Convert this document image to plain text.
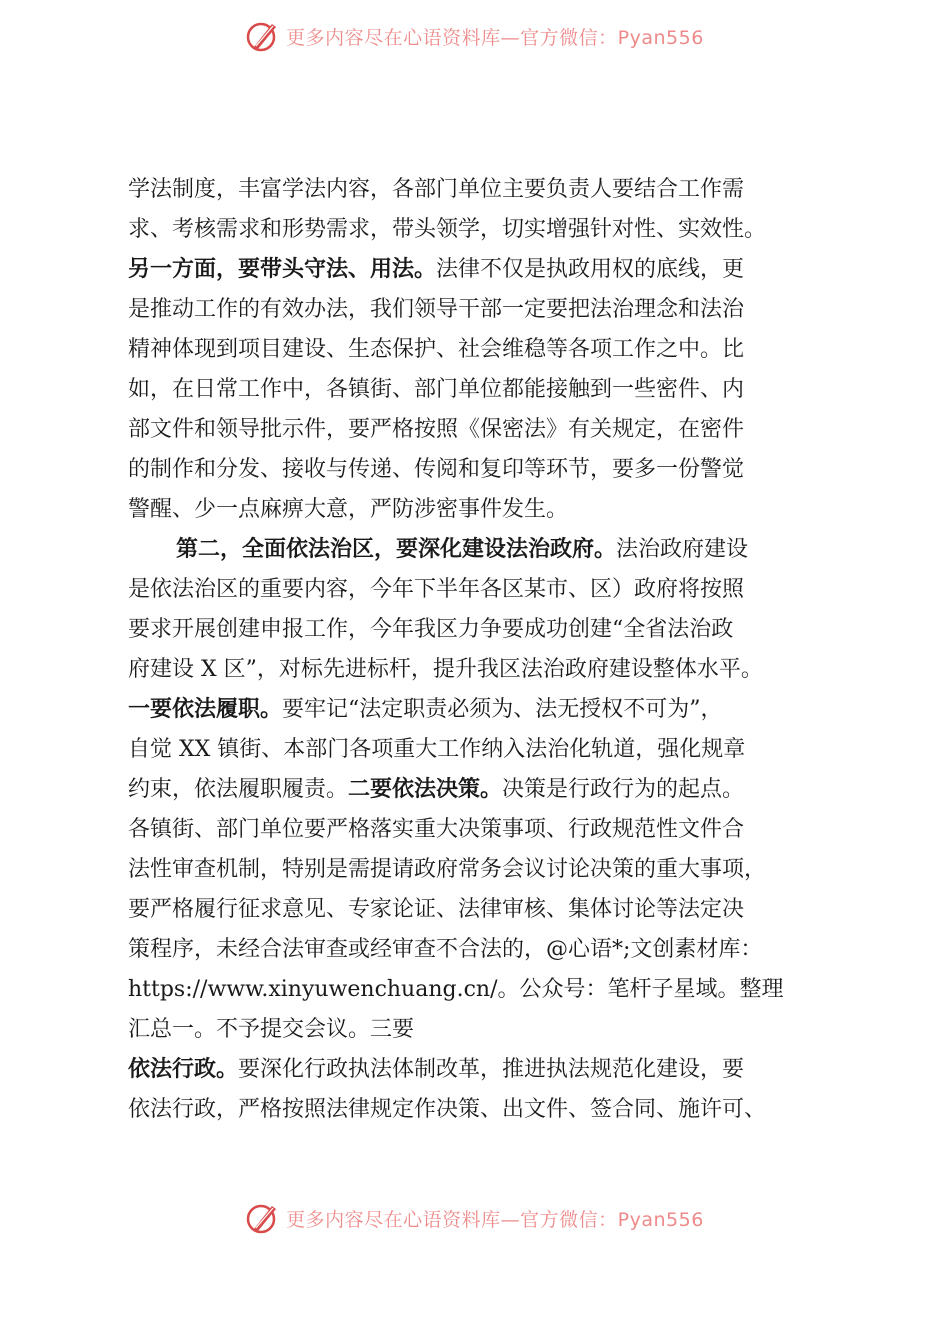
更多内容尽在心语资料库—官方微信：Pyan556
学法制度，丰富学法内容，各部门单位主要负责人要结合工作需
求、考核需求和形势需求，带头领学，切实增强针对性、实效性。
另一方面，要带头守法、用法。法律不仅是执政用权的底线，更
是推动工作的有效办法，我们领导干部一定要把法治理念和法治
精神体现到项目建设、生态保护、社会维稳等各项工作之中。比
如，在日常工作中，各镇街、部门单位都能接触到一些密件、内
部文件和领导批示件，要严格按照《保密法》有关规定，在密件
的制作和分发、接收与传递、传阅和复印等环节，要多一份警觉
警醒、少一点麻痹大意，严防涉密事件发生。
第二，全面依法治区，要深化建设法治政府。法治政府建设
是依法治区的重要内容，今年下半年各区某市、区）政府将按照
要求开展创建申报工作，今年我区力争要成功创建“全省法治政
府建设 X 区”，对标先进标杆，提升我区法治政府建设整体水平。
一要依法履职。要牢记“法定职责必须为、法无授权不可为”，
自觉 XX 镇街、本部门各项重大工作纳入法治化轨道，强化规章
约束，依法履职履责。二要依法决策。决策是行政行为的起点。
各镇街、部门单位要严格落实重大决策事项、行政规范性文件合
法性审查机制，特别是需提请政府常务会议讨论决策的重大事项，
要严格履行征求意见、专家论证、法律审核、集体讨论等法定决
策程序，未经合法审查或经审查不合法的，@心语*;文创素材库：
https://www.xinyuwenchuang.cn/。公众号：笔杆子星域。整理
汇总一。不予提交会议。三要
依法行政。要深化行政执法体制改革，推进执法规范化建设，要
依法行政，严格按照法律规定作决策、出文件、签合同、施许可、
更多内容尽在心语资料库—官方微信：Pyan556
